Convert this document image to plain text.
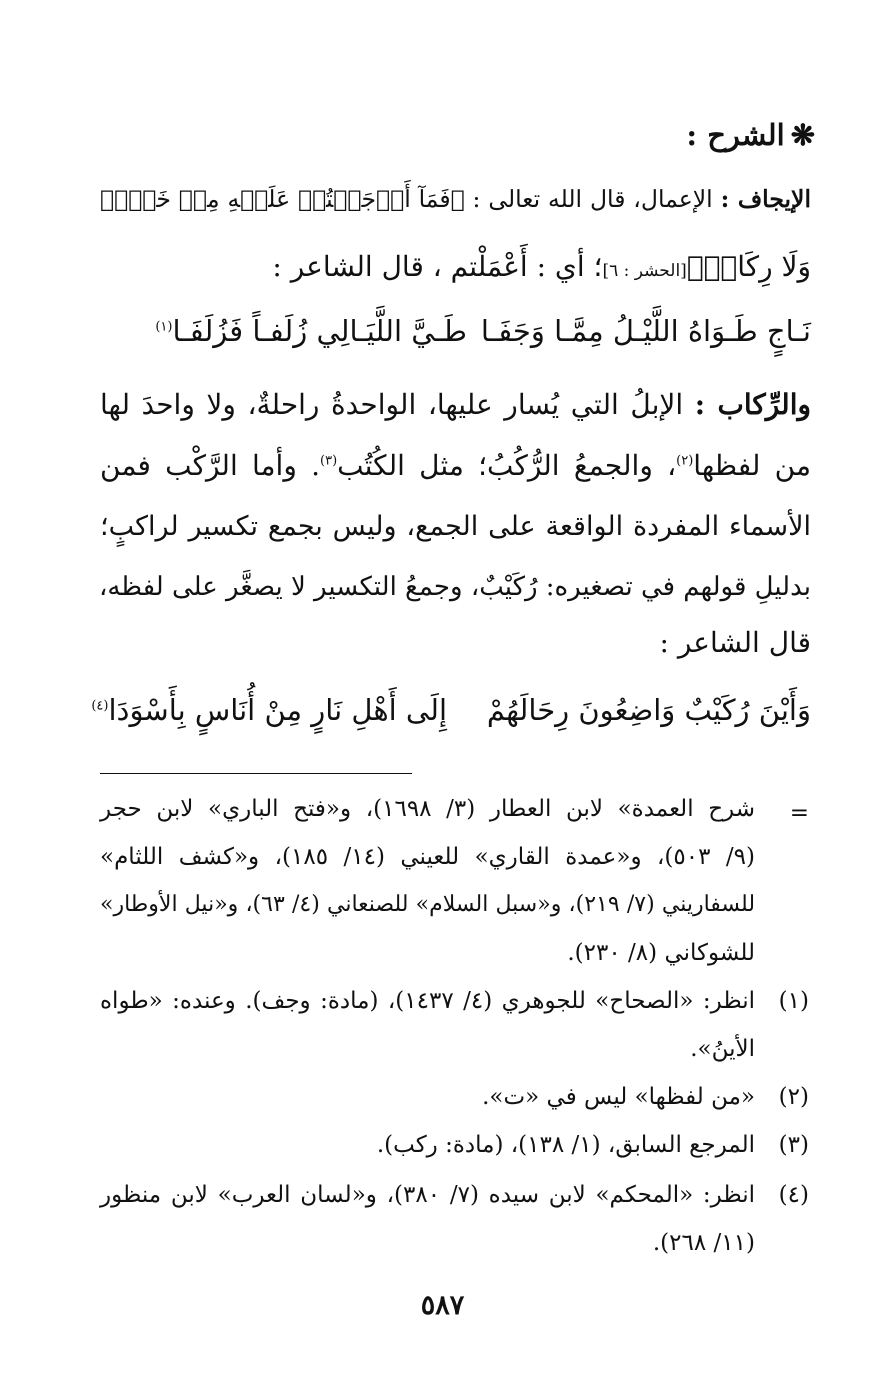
❋الشرح :
الإيجاف : الإعمال، قال الله تعالى : ﴿فَمَآ أَوۡجَفۡتُمۡ عَلَيۡهِ مِنۡ خَيۡلٖ
وَلَا رِكَابٖ﴾[الحشر : ٦]؛ أي : أَعْمَلْتم ، قال الشاعر :
نَـاجٍ طَـوَاهُ اللَّيْـلُ مِمَّـا وَجَفَـا
طَـيَّ اللَّيَـالِي زُلَفـاً فَزُلَفَـا$^{(١)}$
والرِّكاب : الإبلُ التي يُسار عليها، الواحدةُ راحلةٌ، ولا واحدَ لها
من لفظها$^{(٢)}$، والجمعُ الرُّكُبُ؛ مثل الكُتُب$^{(٣)}$. وأما الرَّكْب فمن
الأسماء المفردة الواقعة على الجمع، وليس بجمع تكسير لراكبٍ؛
بدليلِ قولهم في تصغيره: رُكَيْبٌ، وجمعُ التكسير لا يصغَّر على لفظه،
قال الشاعر :
وَأَيْنَ رُكَيْبٌ وَاضِعُونَ رِحَالَهُمْ
إِلَى أَهْلِ نَارٍ مِنْ أُنَاسٍ بِأَسْوَدَا$^{(٤)}$
=
شرح العمدة» لابن العطار (٣/ ١٦٩٨)، و«فتح الباري» لابن حجر
(٩/ ٥٠٣)، و«عمدة القاري» للعيني (١٤/ ١٨٥)، و«كشف اللثام»
للسفاريني (٧/ ٢١٩)، و«سبل السلام» للصنعاني (٤/ ٦٣)، و«نيل الأوطار»
للشوكاني (٨/ ٢٣٠).
(١)
انظر: «الصحاح» للجوهري (٤/ ١٤٣٧)، (مادة: وجف). وعنده: «طواه
الأينُ».
(٢)
«من لفظها» ليس في «ت».
(٣)
المرجع السابق، (١/ ١٣٨)، (مادة: ركب).
(٤)
انظر: «المحكم» لابن سيده (٧/ ٣٨٠)، و«لسان العرب» لابن منظور
(١١/ ٢٦٨).
٥٨٧
